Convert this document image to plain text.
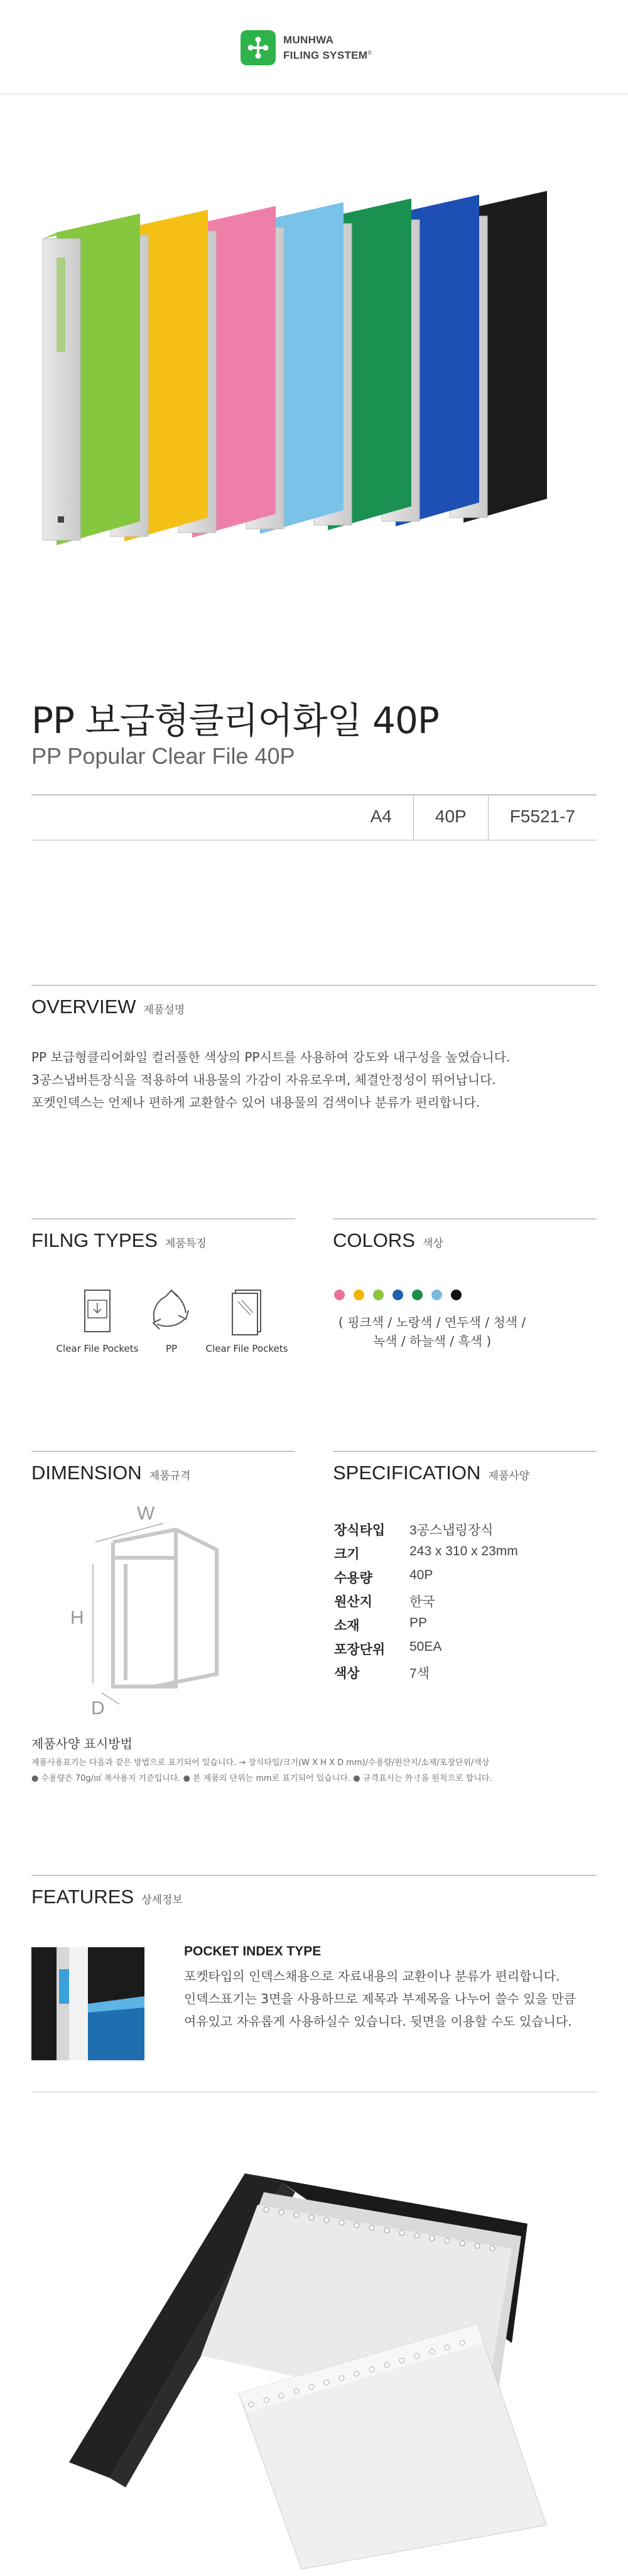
MUNHWA
FILING SYSTEM®
PP 보급형클리어화일 40P
PP Popular Clear File 40P
A4	40P	F5521-7
OVERVIEW 제품설명
PP 보급형클리어화일 컬러풀한 색상의 PP시트를 사용하여 강도와 내구성을 높였습니다.
3공스냅버튼장식을 적용하여 내용물의 가감이 자유로우며, 체결안정성이 뛰어납니다.
포켓인덱스는 언제나 편하게 교환할수 있어 내용물의 검색이나 분류가 편리합니다.
FILNG TYPES 제품특징
Clear File Pockets	PP	Clear File Pockets
COLORS 색상
( 핑크색 / 노랑색 / 연두색 / 청색 /
녹색 / 하늘색 / 흑색 )
DIMENSION 제품규격
W
H
D
SPECIFICATION 제품사양
장식타입	3공스냅링장식
크기	243 x 310 x 23mm
수용량	40P
원산지	한국
소재	PP
포장단위	50EA
색상	7색
제품사양 표시방법
제품사용표기는 다음과 같은 방법으로 표기되어 있습니다. → 장식타입/크기(W X H X D mm)/수용량/원산지/소재/포장단위/색상
● 수용량은 70g/㎡ 복사용지 기준입니다. ● 본 제품의 단위는 mm로 표기되어 있습니다. ● 규격표시는 外寸을 원칙으로 합니다.
FEATURES 상세정보
POCKET INDEX TYPE
포켓타입의 인덱스채용으로 자료내용의 교환이나 분류가 편리합니다.
인덱스표기는 3면을 사용하므로 제목과 부제목을 나누어 쓸수 있을 만큼
여유있고 자유롭게 사용하실수 있습니다. 뒷면을 이용할 수도 있습니다.
